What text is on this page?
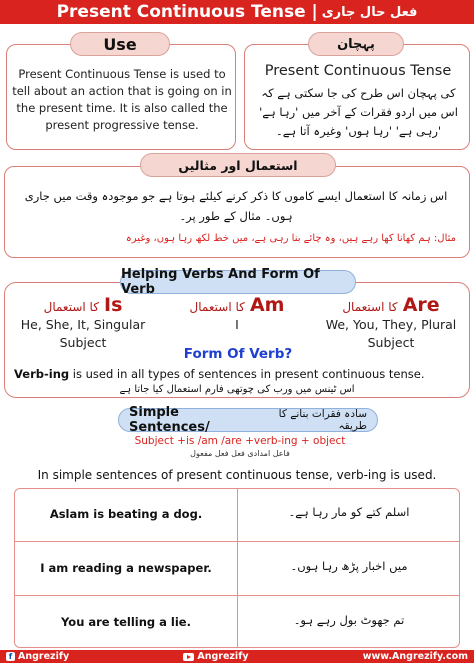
Present Continuous Tense | فعل حال جاری
Use
Present Continuous Tense is used to tell about an action that is going on in the present time. It is also called the present progressive tense.
پہچان
Present Continuous Tense
کی پہچان اس طرح کی جا سکتی ہے کہ اس میں اردو فقرات کے آخر میں 'رہا ہے' 'رہی ہے' 'رہا ہوں' وغیرہ آتا ہے۔
استعمال اور مثالیں
اس زمانہ کا استعمال ایسے کاموں کا ذکر کرنے کیلئے ہوتا ہے جو موجودہ وقت میں جاری ہوں۔ مثال کے طور پر۔
مثال: ہم کھانا کھا رہے ہیں، وہ چائے بنا رہی ہے، میں خط لکھ رہا ہوں، وغیرہ
Helping Verbs And Form Of Verb
کا استعمال Is
He, She, It, Singular Subject
کا استعمال Am
I
کا استعمال Are
We, You, They, Plural Subject
Form Of Verb?
Verb-ing is used in all types of sentences in present continuous tense.
اس ٹینس میں ورب کی چوتھی فارم استعمال کیا جاتا ہے
Simple Sentences/
سادہ فقرات بنانے کا طریقہ
Subject +is /am /are +verb-ing + object
فاعل امدادی فعل فعل مفعول
In simple sentences of present continuous tense, verb-ing is used.
Aslam is beating a dog.	اسلم کتے کو مار رہا ہے۔
I am reading a newspaper.	میں اخبار پڑھ رہا ہوں۔
You are telling a lie.	تم جھوٹ بول رہے ہو۔
f Angrezify	Angrezify	www.Angrezify.com
